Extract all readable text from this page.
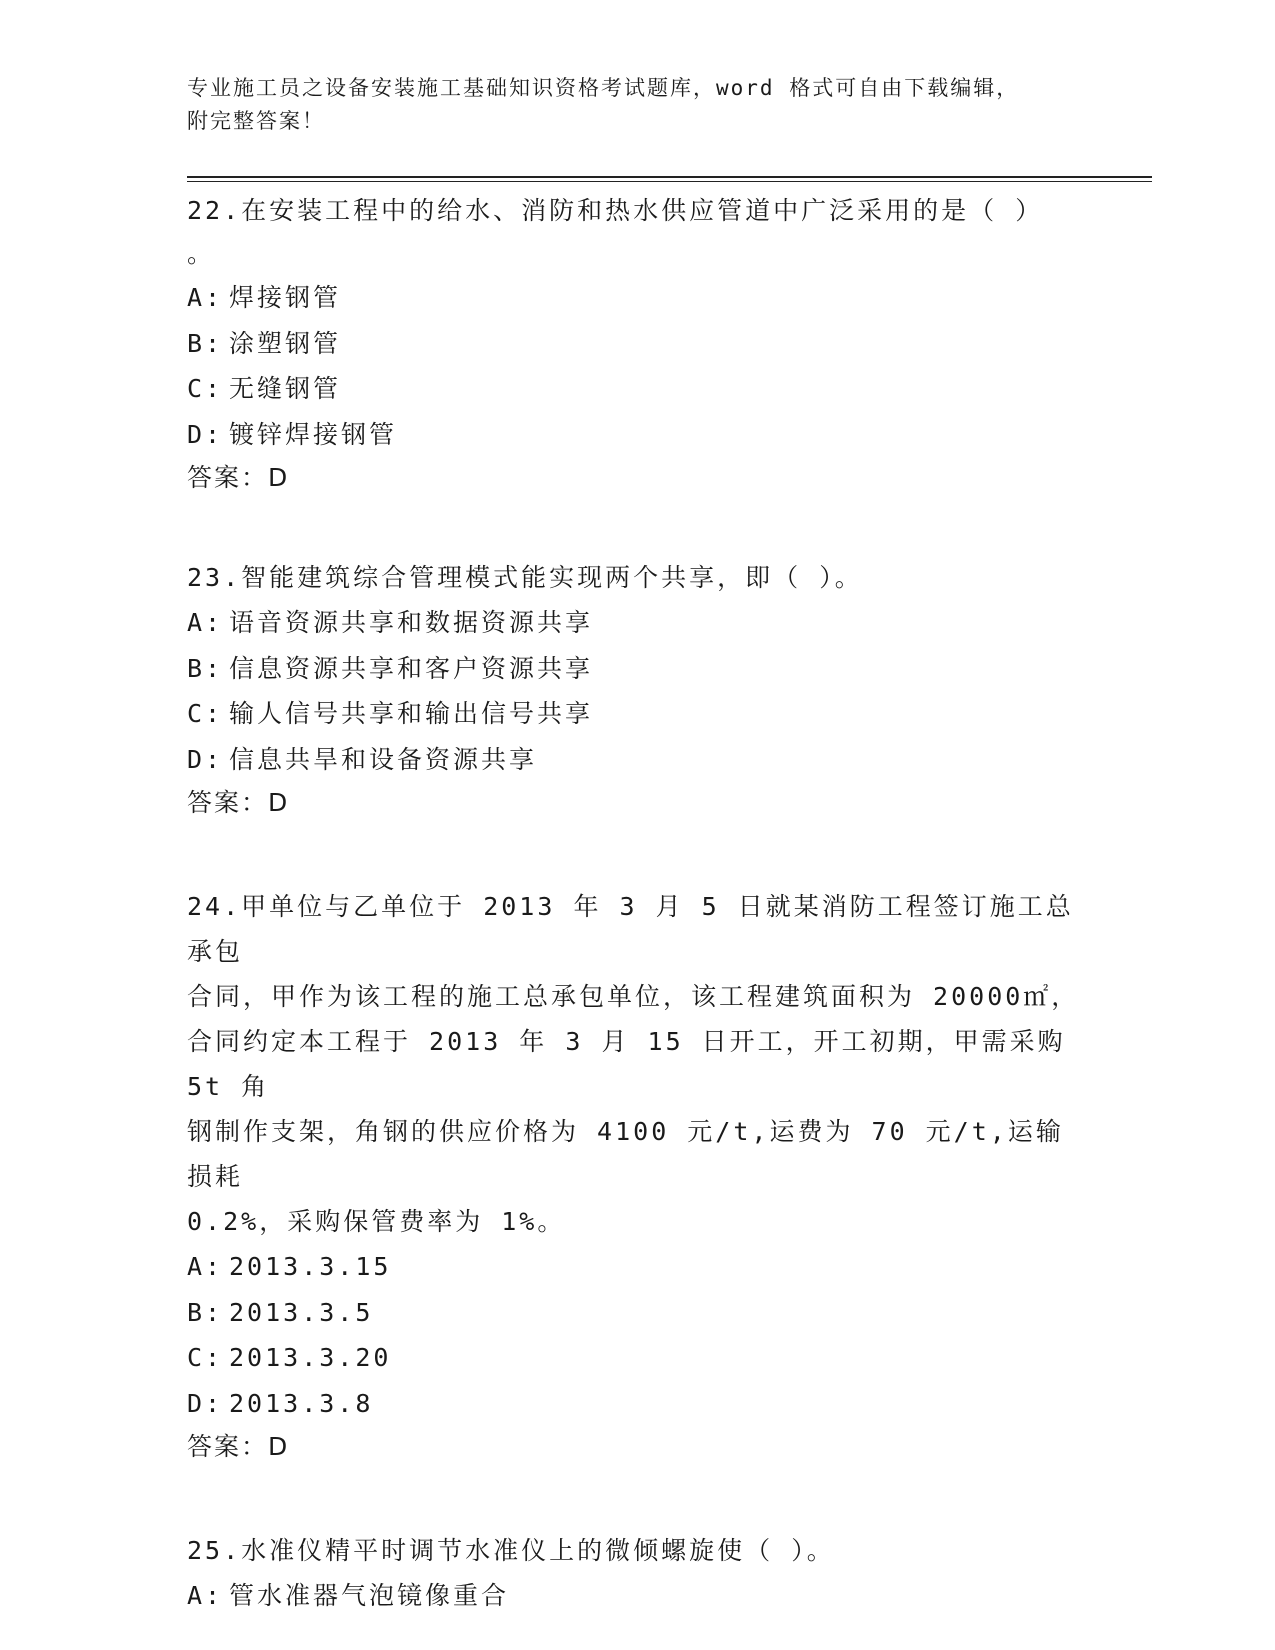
专业施工员之设备安装施工基础知识资格考试题库，word 格式可自由下载编辑，
附完整答案！

22.在安装工程中的给水、消防和热水供应管道中广泛采用的是（ ）

。

A: 焊接钢管

B: 涂塑钢管

C: 无缝钢管

D: 镀锌焊接钢管

答案：D

23.智能建筑综合管理模式能实现两个共享，即（ ）。

A: 语音资源共享和数据资源共享

B: 信息资源共享和客户资源共享

C: 输人信号共享和输出信号共享

D: 信息共旱和设备资源共享

答案：D

24.甲单位与乙单位于 2013 年 3 月 5 日就某消防工程签订施工总承包

合同，甲作为该工程的施工总承包单位，该工程建筑面积为 20000㎡，

合同约定本工程于 2013 年 3 月 15 日开工，开工初期，甲需采购 5t 角

钢制作支架，角钢的供应价格为 4100 元/t,运费为 70 元/t,运输损耗

0.2%，采购保管费率为 1%。

A: 2013.3.15

B: 2013.3.5

C: 2013.3.20

D: 2013.3.8

答案：D

25.水准仪精平时调节水准仪上的微倾螺旋使（ ）。

A: 管水准器气泡镜像重合
